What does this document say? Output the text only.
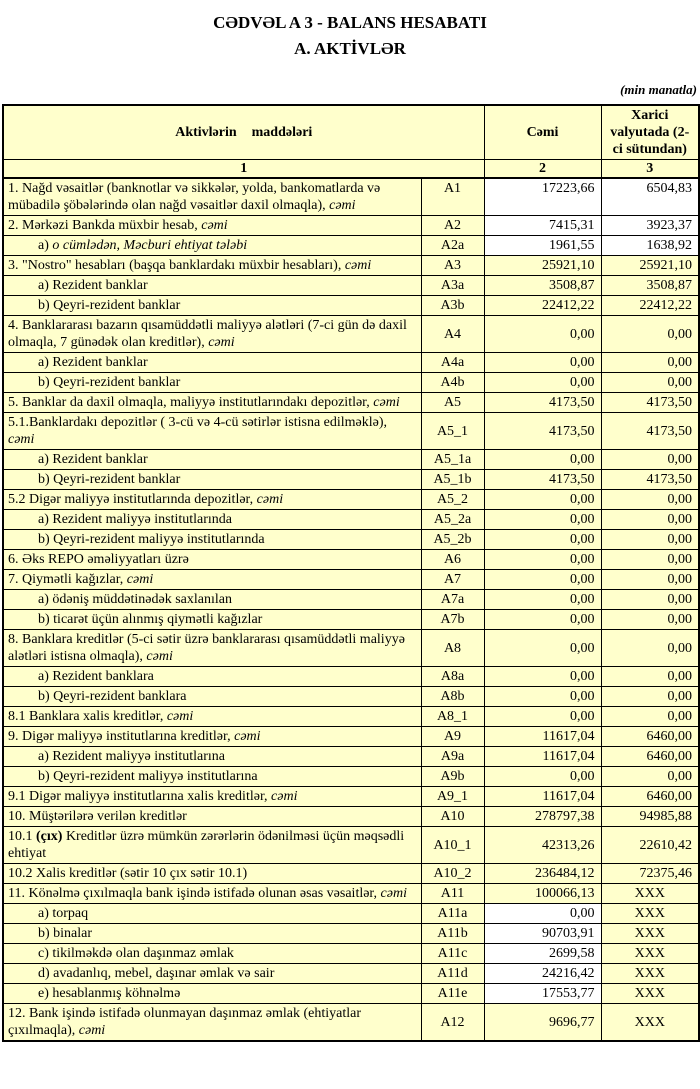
CƏDVƏL A 3 - BALANS HESABATI
A. AKTİVLƏR
(min manatla)
Aktivlərin  maddələri		Cəmi	Xarici valyutada (2-ci sütundan)
1		2	3
1. Nağd vəsaitlər (banknotlar və sikkələr, yolda, bankomatlarda və mübadilə şöbələrində olan nağd vəsaitlər daxil olmaqla), cəmi	A1	17223,66	6504,83
2. Mərkəzi Bankda müxbir hesab, cəmi	A2	7415,31	3923,37
a) o cümlədən, Məcburi ehtiyat tələbi	A2a	1961,55	1638,92
3. "Nostro" hesabları (başqa banklardakı müxbir hesabları), cəmi	A3	25921,10	25921,10
a) Rezident banklar	A3a	3508,87	3508,87
b) Qeyri-rezident banklar	A3b	22412,22	22412,22
4. Banklararası bazarın qısamüddətli maliyyə alətləri (7-ci gün də daxil olmaqla, 7 günədək olan kreditlər), cəmi	A4	0,00	0,00
a) Rezident banklar	A4a	0,00	0,00
b) Qeyri-rezident banklar	A4b	0,00	0,00
5. Banklar da daxil olmaqla, maliyyə institutlarındakı depozitlər, cəmi	A5	4173,50	4173,50
5.1.Banklardakı depozitlər ( 3-cü və 4-cü sətirlər istisna edilməklə), cəmi	A5_1	4173,50	4173,50
a) Rezident banklar	A5_1a	0,00	0,00
b) Qeyri-rezident banklar	A5_1b	4173,50	4173,50
5.2 Digər maliyyə institutlarında depozitlər, cəmi	A5_2	0,00	0,00
a) Rezident maliyyə institutlarında	A5_2a	0,00	0,00
b) Qeyri-rezident maliyyə institutlarında	A5_2b	0,00	0,00
6. Əks REPO əməliyyatları üzrə	A6	0,00	0,00
7. Qiymətli kağızlar, cəmi	A7	0,00	0,00
a) ödəniş müddətinədək saxlanılan	A7a	0,00	0,00
b) ticarət üçün alınmış qiymətli kağızlar	A7b	0,00	0,00
8. Banklara kreditlər (5-ci sətir üzrə banklararası qısamüddətli maliyyə alətləri istisna olmaqla), cəmi	A8	0,00	0,00
a) Rezident banklara	A8a	0,00	0,00
b) Qeyri-rezident banklara	A8b	0,00	0,00
8.1 Banklara xalis kreditlər, cəmi	A8_1	0,00	0,00
9. Digər maliyyə institutlarına kreditlər, cəmi	A9	11617,04	6460,00
a) Rezident maliyyə institutlarına	A9a	11617,04	6460,00
b) Qeyri-rezident maliyyə institutlarına	A9b	0,00	0,00
9.1 Digər maliyyə institutlarına xalis kreditlər, cəmi	A9_1	11617,04	6460,00
10. Müştərilərə verilən kreditlər	A10	278797,38	94985,88
10.1 (çıx) Kreditlər üzrə mümkün zərərlərin ödənilməsi üçün məqsədli ehtiyat	A10_1	42313,26	22610,42
10.2 Xalis kreditlər (sətir 10 çıx sətir 10.1)	A10_2	236484,12	72375,46
11. Könəlmə çıxılmaqla bank işində istifadə olunan əsas vəsaitlər, cəmi	A11	100066,13	XXX
a) torpaq	A11a	0,00	XXX
b) binalar	A11b	90703,91	XXX
c) tikilməkdə olan daşınmaz əmlak	A11c	2699,58	XXX
d) avadanlıq, mebel, daşınar əmlak və sair	A11d	24216,42	XXX
e) hesablanmış köhnəlmə	A11e	17553,77	XXX
12. Bank işində istifadə olunmayan daşınmaz əmlak (ehtiyatlar çıxılmaqla), cəmi	A12	9696,77	XXX
